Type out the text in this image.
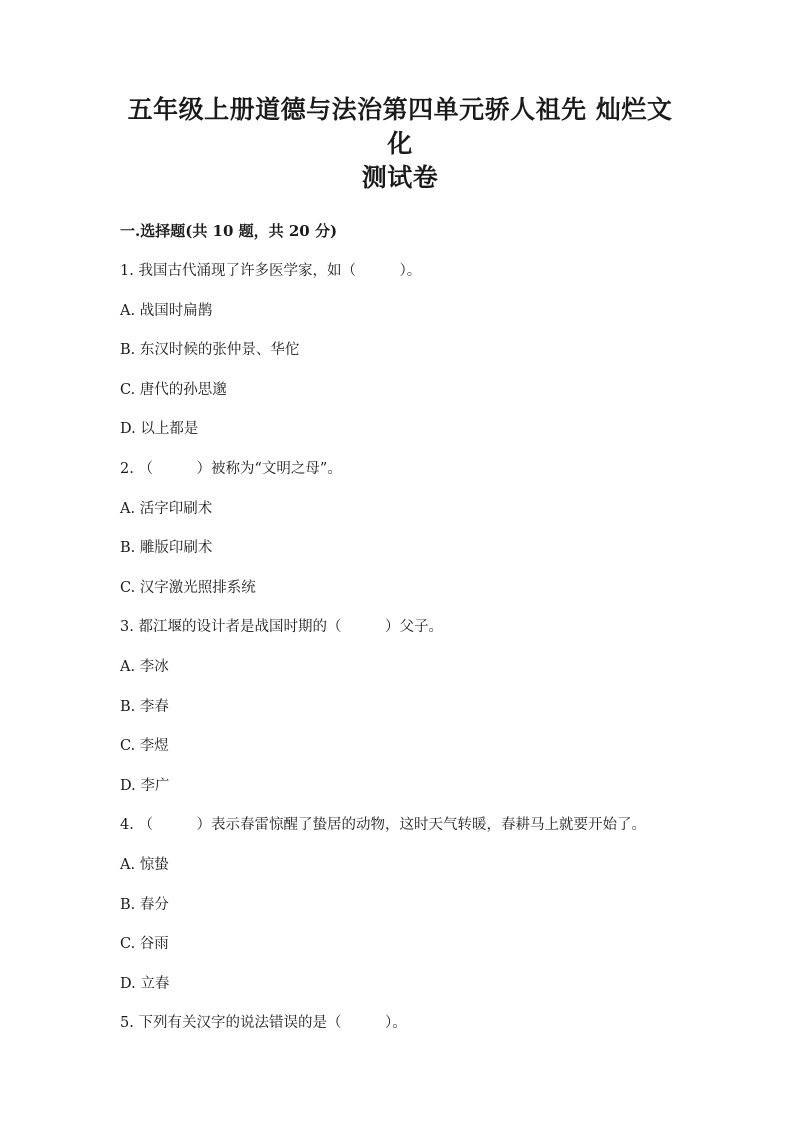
五年级上册道德与法治第四单元骄人祖先 灿烂文化
测试卷
一.选择题(共 10 题，共 20 分)
1. 我国古代涌现了许多医学家，如（　　　）。
A. 战国时扁鹊
B. 东汉时候的张仲景、华佗
C. 唐代的孙思邈
D. 以上都是
2. （　　　）被称为“文明之母”。
A. 活字印刷术
B. 雕版印刷术
C. 汉字激光照排系统
3. 都江堰的设计者是战国时期的（　　　）父子。
A. 李冰
B. 李春
C. 李煜
D. 李广
4. （　　　）表示春雷惊醒了蛰居的动物，这时天气转暖，春耕马上就要开始了。
A. 惊蛰
B. 春分
C. 谷雨
D. 立春
5. 下列有关汉字的说法错误的是（　　　）。
